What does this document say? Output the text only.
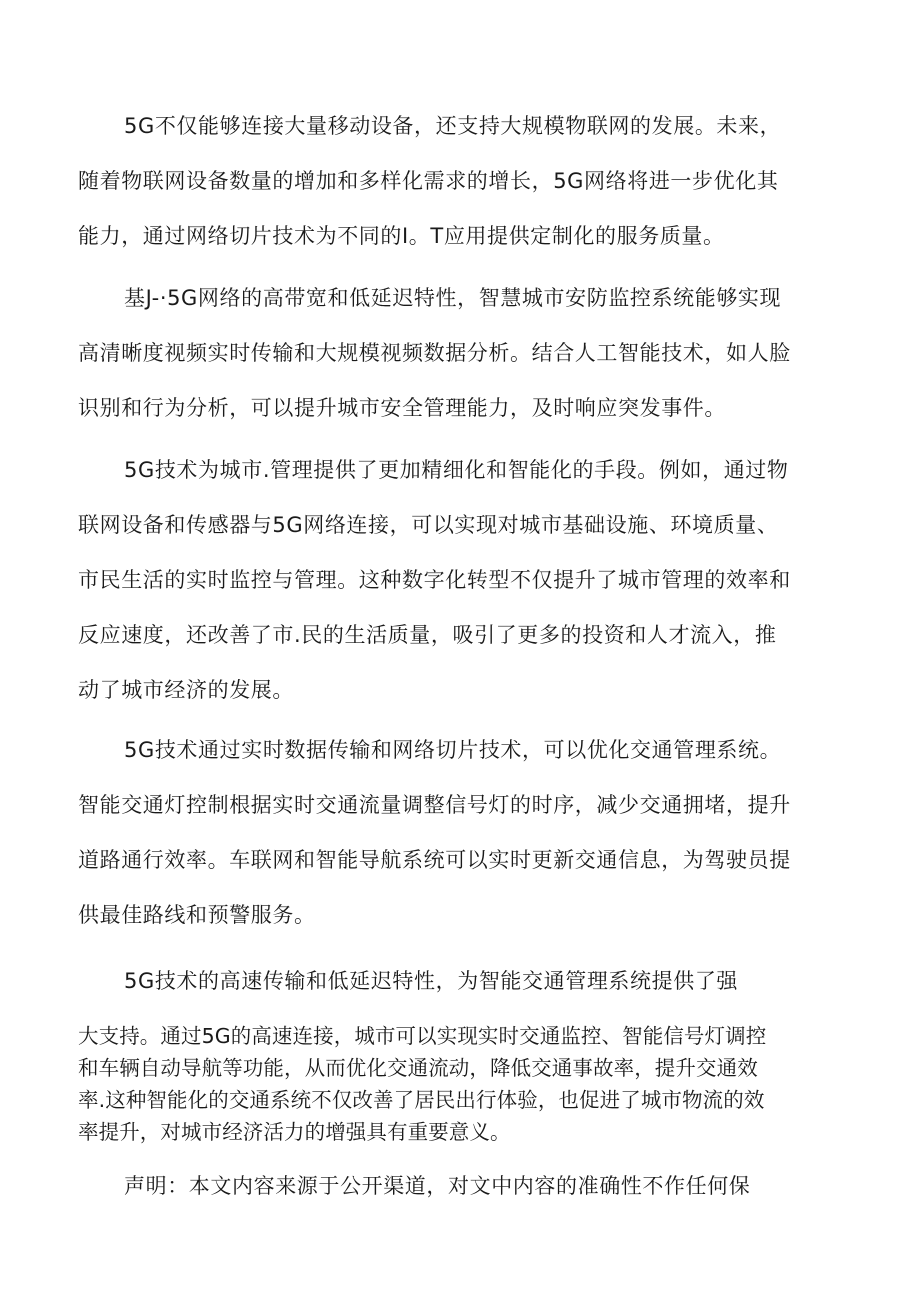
5G不仅能够连接大量移动设备，还支持大规模物联网的发展。未来，
随着物联网设备数量的增加和多样化需求的增长，5G网络将进一步优化其
能力，通过网络切片技术为不同的I。T应用提供定制化的服务质量。
基J-·5G网络的高带宽和低延迟特性，智慧城市安防监控系统能够实现
高清晰度视频实时传输和大规模视频数据分析。结合人工智能技术，如人脸
识别和行为分析，可以提升城市安全管理能力，及时响应突发事件。
5G技术为城市.管理提供了更加精细化和智能化的手段。例如，通过物
联网设备和传感器与5G网络连接，可以实现对城市基础设施、环境质量、
市民生活的实时监控与管理。这种数字化转型不仅提升了城市管理的效率和
反应速度，还改善了市.民的生活质量，吸引了更多的投资和人才流入，推
动了城市经济的发展。
5G技术通过实时数据传输和网络切片技术，可以优化交通管理系统。
智能交通灯控制根据实时交通流量调整信号灯的时序，减少交通拥堵，提升
道路通行效率。车联网和智能导航系统可以实时更新交通信息，为驾驶员提
供最佳路线和预警服务。
5G技术的高速传输和低延迟特性，为智能交通管理系统提供了强
大支持。通过5G的高速连接，城市可以实现实时交通监控、智能信号灯调控
和车辆自动导航等功能，从而优化交通流动，降低交通事故率，提升交通效
率.这种智能化的交通系统不仅改善了居民出行体验，也促进了城市物流的效
率提升，对城市经济活力的增强具有重要意义。
声明：本文内容来源于公开渠道，对文中内容的准确性不作任何保
